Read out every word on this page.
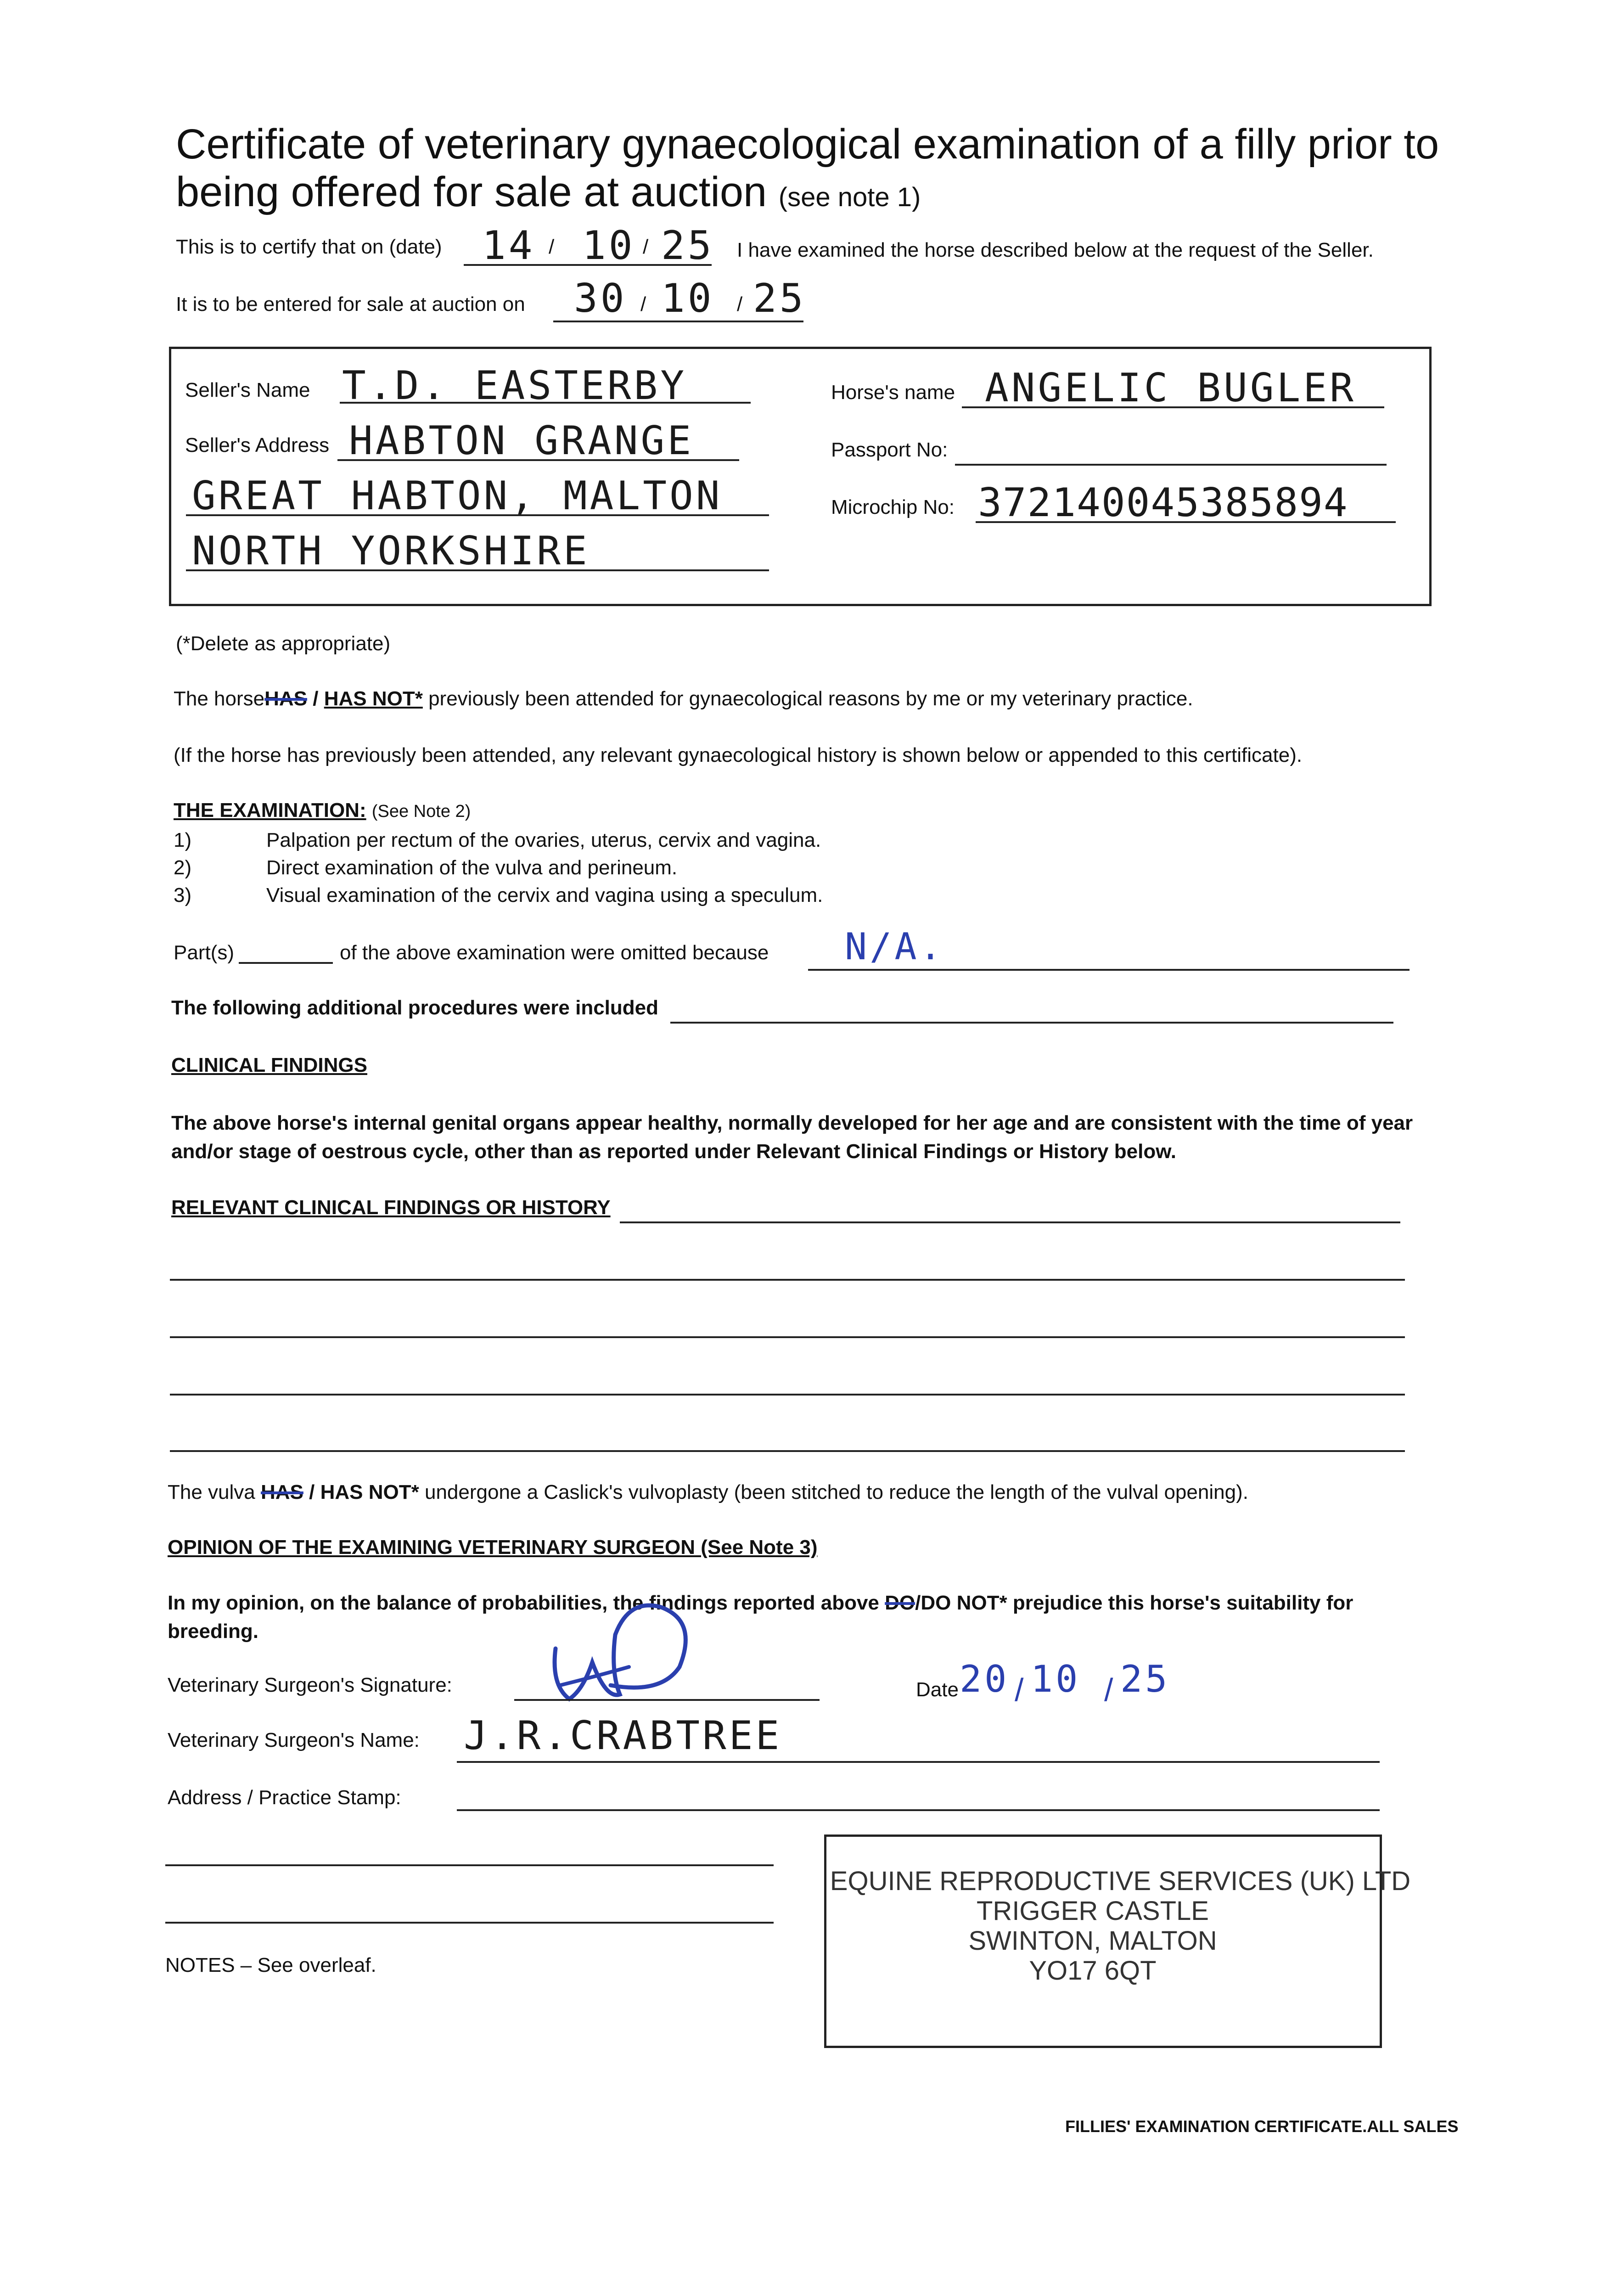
Certificate of veterinary gynaecological examination of a filly prior to being offered for sale at auction (see note 1)
This is to certify that on (date) 14 / 10 / 25 I have examined the horse described below at the request of the Seller.
It is to be entered for sale at auction on 30 / 10 / 25
Seller's Name T.D. EASTERBY
Seller's Address HABTON GRANGE
GREAT HABTON, MALTON
NORTH YORKSHIRE
Horse's name ANGELIC BUGLER
Passport No:
Microchip No: 372140045385894
(*Delete as appropriate)
The horseHAS / HAS NOT* previously been attended for gynaecological reasons by me or my veterinary practice.
(If the horse has previously been attended, any relevant gynaecological history is shown below or appended to this certificate).
THE EXAMINATION: (See Note 2)
1)	Palpation per rectum of the ovaries, uterus, cervix and vagina.
2)	Direct examination of the vulva and perineum.
3)	Visual examination of the cervix and vagina using a speculum.
Part(s)	of the above examination were omitted because N/A.
The following additional procedures were included
CLINICAL FINDINGS
The above horse's internal genital organs appear healthy, normally developed for her age and are consistent with the time of year and/or stage of oestrous cycle, other than as reported under Relevant Clinical Findings or History below.
RELEVANT CLINICAL FINDINGS OR HISTORY
The vulva HAS / HAS NOT* undergone a Caslick's vulvoplasty (been stitched to reduce the length of the vulval opening).
OPINION OF THE EXAMINING VETERINARY SURGEON (See Note 3)
In my opinion, on the balance of probabilities, the findings reported above DO/DO NOT* prejudice this horse's suitability for breeding.
Veterinary Surgeon's Signature:	Date 20 / 10 / 25
Veterinary Surgeon's Name: J.R.CRABTREE
Address / Practice Stamp:
EQUINE REPRODUCTIVE SERVICES (UK) LTD
TRIGGER CASTLE
SWINTON, MALTON
YO17 6QT
NOTES – See overleaf.
FILLIES' EXAMINATION CERTIFICATE.ALL SALES
